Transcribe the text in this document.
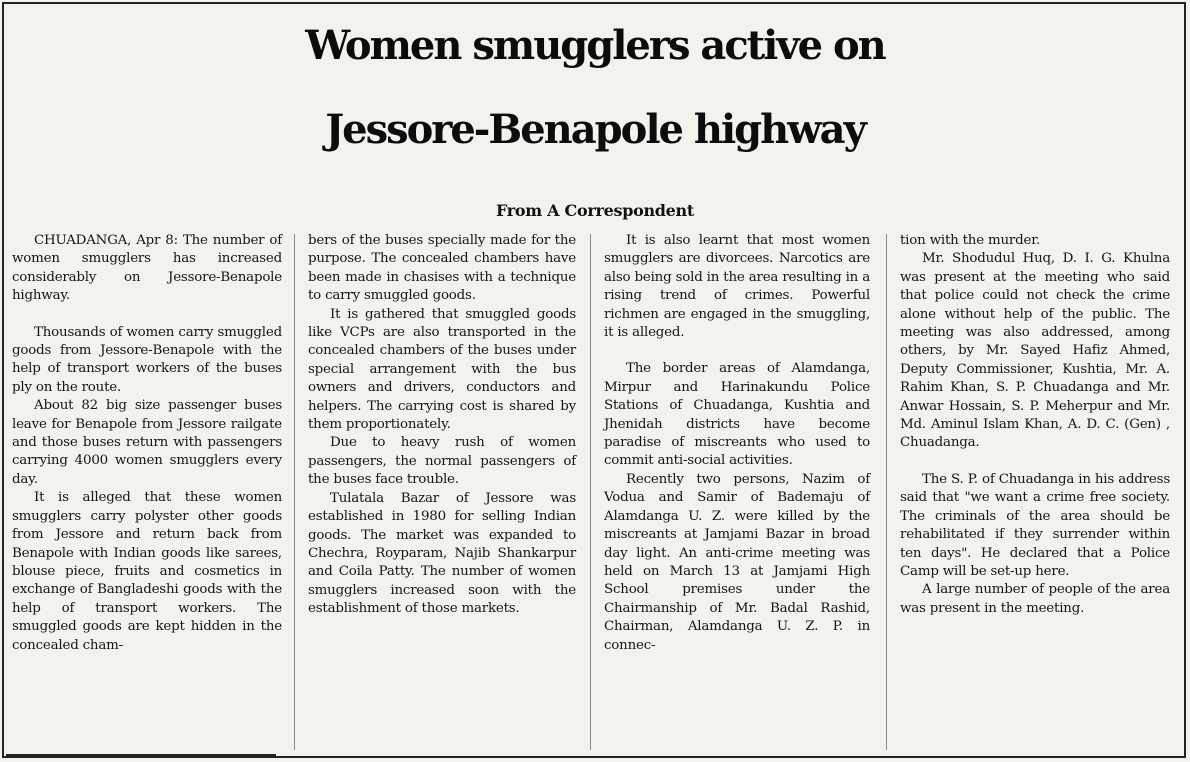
Women smugglers active on
Jessore-Benapole highway
From A Correspondent

CHUADANGA, Apr 8: The number of women smugglers has increased considerably on Jessore-Benapole highway.

Thousands of women carry smuggled goods from Jessore-Benapole with the help of transport workers of the buses ply on the route.

About 82 big size passenger buses leave for Benapole from Jessore railgate and those buses return with passengers carrying 4000 women smugglers every day.

It is alleged that these women smugglers carry polyster other goods from Jessore and return back from Benapole with Indian goods like sarees, blouse piece, fruits and cosmetics in exchange of Bangladeshi goods with the help of transport workers. The smuggled goods are kept hidden in the concealed cham-

bers of the buses specially made for the purpose. The concealed chambers have been made in chasises with a technique to carry smuggled goods.

It is gathered that smuggled goods like VCPs are also transported in the concealed chambers of the buses under special arrangement with the bus owners and drivers, conductors and helpers. The carrying cost is shared by them proportionately.

Due to heavy rush of women passengers, the normal passengers of the buses face trouble.

Tulatala Bazar of Jessore was established in 1980 for selling Indian goods. The market was expanded to Chechra, Royparam, Najib Shankarpur and Coila Patty. The number of women smugglers increased soon with the establishment of those markets.

It is also learnt that most women smugglers are divorcees. Narcotics are also being sold in the area resulting in a rising trend of crimes. Powerful richmen are engaged in the smuggling, it is alleged.

The border areas of Alamdanga, Mirpur and Harinakundu Police Stations of Chuadanga, Kushtia and Jhenidah districts have become paradise of miscreants who used to commit anti-social activities.

Recently two persons, Nazim of Vodua and Samir of Bademaju of Alamdanga U. Z. were killed by the miscreants at Jamjami Bazar in broad day light. An anti-crime meeting was held on March 13 at Jamjami High School premises under the Chairmanship of Mr. Badal Rashid, Chairman, Alamdanga U. Z. P. in connec-

tion with the murder.

Mr. Shodudul Huq, D. I. G. Khulna was present at the meeting who said that police could not check the crime alone without help of the public. The meeting was also addressed, among others, by Mr. Sayed Hafiz Ahmed, Deputy Commissioner, Kushtia, Mr. A. Rahim Khan, S. P. Chuadanga and Mr. Anwar Hossain, S. P. Meherpur and Mr. Md. Aminul Islam Khan, A. D. C. (Gen) , Chuadanga.

The S. P. of Chuadanga in his address said that "we want a crime free society. The criminals of the area should be rehabilitated if they surrender within ten days". He declared that a Police Camp will be set-up here.

A large number of people of the area was present in the meeting.
